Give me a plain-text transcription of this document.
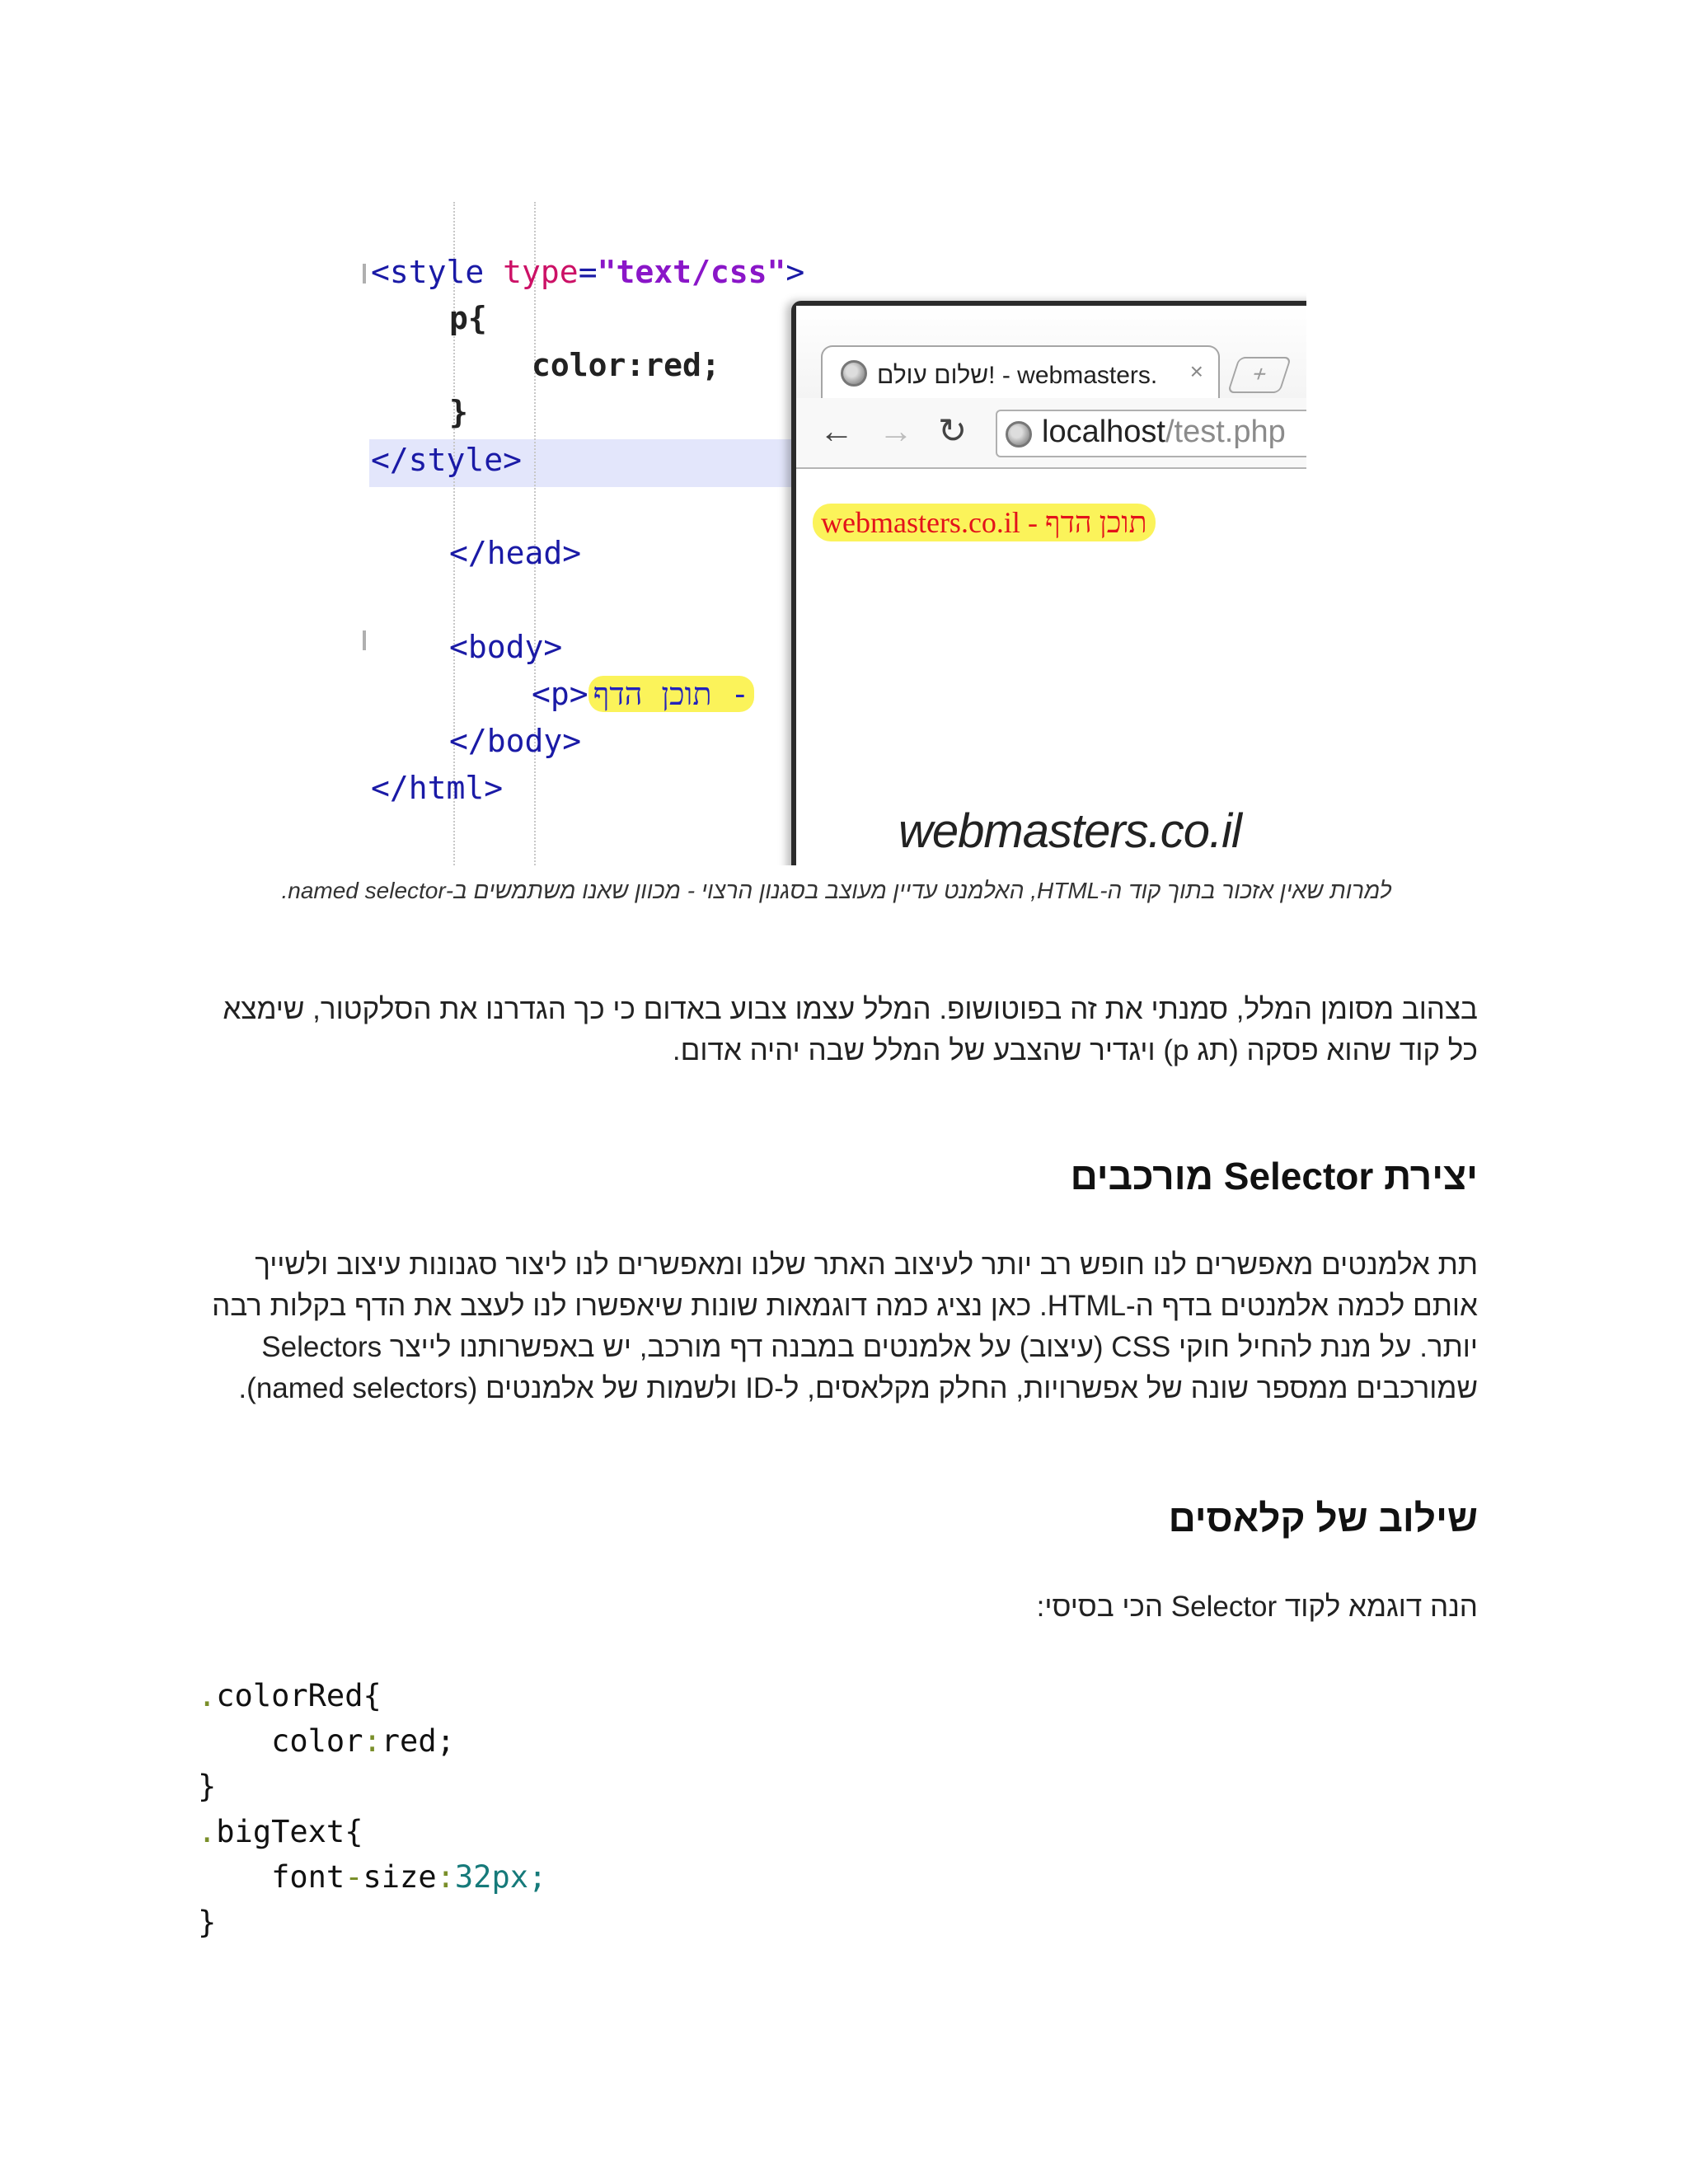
<style type="text/css">
p{
color:red;
}
</style>
</head>
<body>
<p> תוכן הדף -
</body>
</html>
שלום עולם! - webmasters. ×	+
← → ↻ localhost/test.php
תוכן הדף - webmasters.co.il
webmasters.co.il
למרות שאין אזכור בתוך קוד ה-HTML, האלמנט עדיין מעוצב בסגנון הרצוי - מכוון שאנו משתמשים ב-named selector.
בצהוב מסומן המלל, סמנתי את זה בפוטושופ. המלל עצמו צבוע באדום כי כך הגדרנו את הסלקטור, שימצא כל קוד שהוא פסקה (תג p) ויגדיר שהצבע של המלל שבה יהיה אדום.
יצירת Selector מורכבים
תת אלמנטים מאפשרים לנו חופש רב יותר לעיצוב האתר שלנו ומאפשרים לנו ליצור סגנונות עיצוב ולשייך אותם לכמה אלמנטים בדף ה-HTML. כאן נציג כמה דוגמאות שונות שיאפשרו לנו לעצב את הדף בקלות רבה יותר. על מנת להחיל חוקי CSS (עיצוב) על אלמנטים במבנה דף מורכב, יש באפשרותנו לייצר Selectors שמורכבים ממספר שונה של אפשרויות, החלק מקלאסים, ל-ID ולשמות של אלמנטים (named selectors).
שילוב של קלאסים
הנה דוגמא לקוד Selector הכי בסיסי:
.colorRed{
color:red;
}
.bigText{
font-size:32px;
}
